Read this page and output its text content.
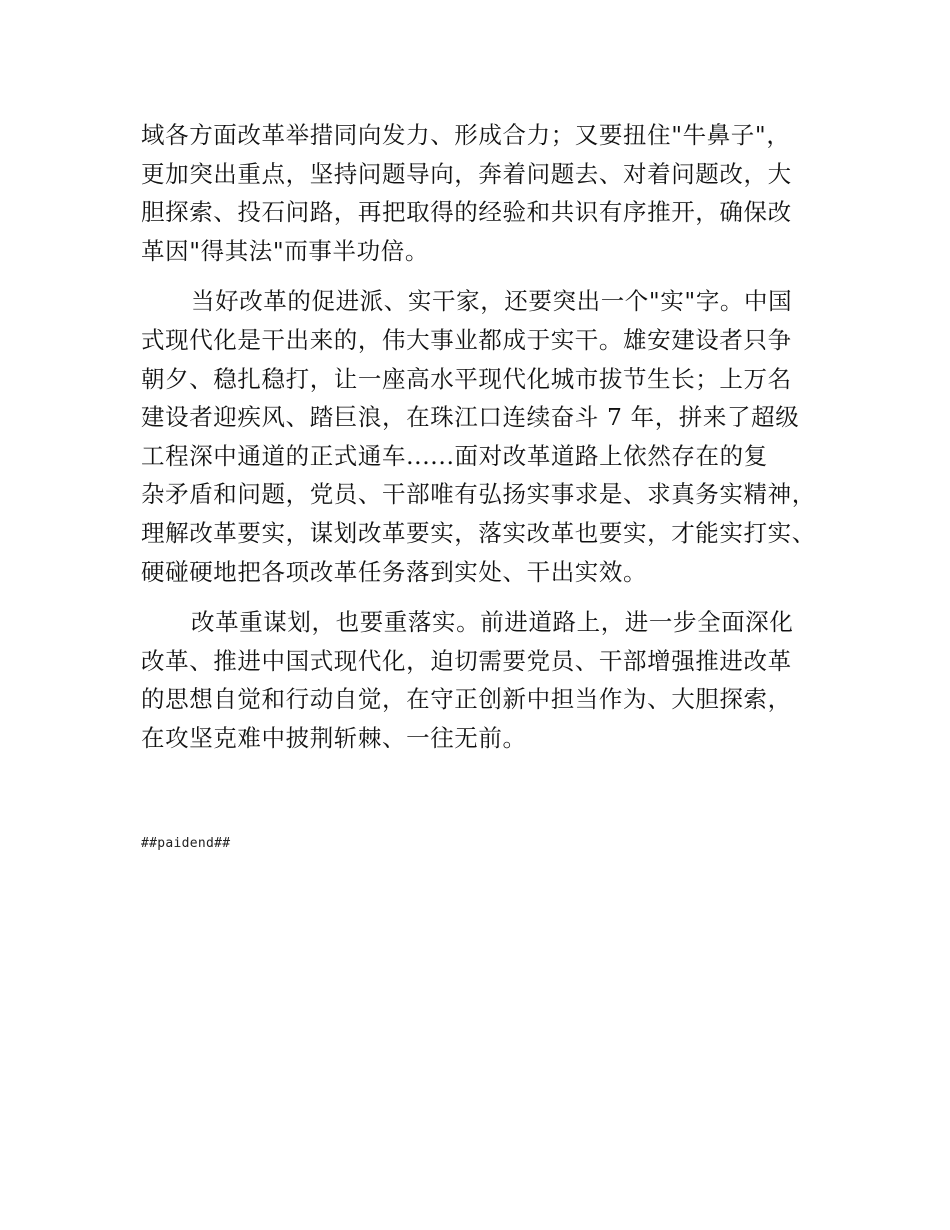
域各方面改革举措同向发力、形成合力；又要扭住"牛鼻子"，
更加突出重点，坚持问题导向，奔着问题去、对着问题改，大
胆探索、投石问路，再把取得的经验和共识有序推开，确保改
革因"得其法"而事半功倍。

当好改革的促进派、实干家，还要突出一个"实"字。中国
式现代化是干出来的，伟大事业都成于实干。雄安建设者只争
朝夕、稳扎稳打，让一座高水平现代化城市拔节生长；上万名
建设者迎疾风、踏巨浪，在珠江口连续奋斗 7 年，拼来了超级
工程深中通道的正式通车......面对改革道路上依然存在的复
杂矛盾和问题，党员、干部唯有弘扬实事求是、求真务实精神，
理解改革要实，谋划改革要实，落实改革也要实，才能实打实、
硬碰硬地把各项改革任务落到实处、干出实效。

改革重谋划，也要重落实。前进道路上，进一步全面深化
改革、推进中国式现代化，迫切需要党员、干部增强推进改革
的思想自觉和行动自觉，在守正创新中担当作为、大胆探索，
在攻坚克难中披荆斩棘、一往无前。

##paidend##
